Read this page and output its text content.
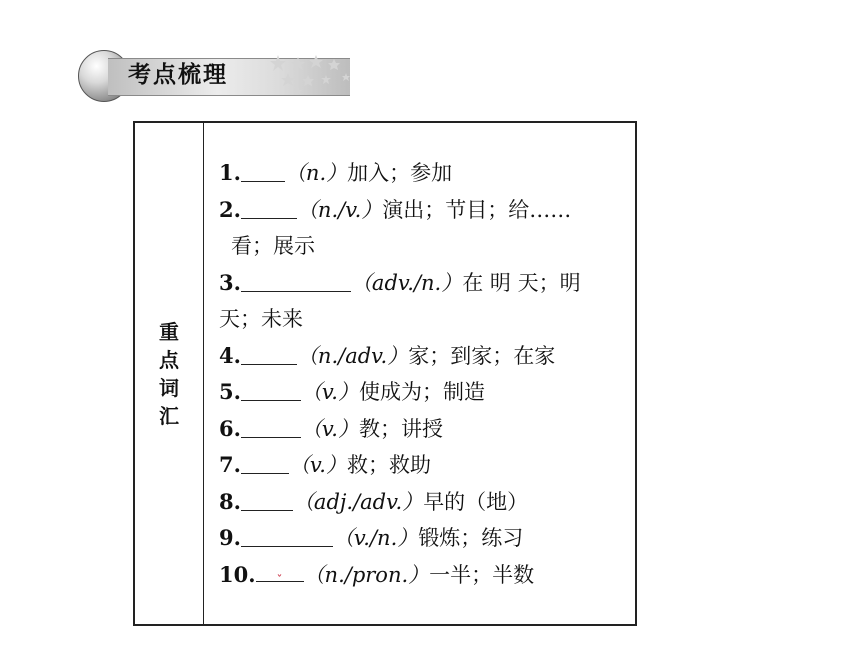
考点梳理
重
点
词
汇
1. （n.）加入；参加
2.	（n./v.）演出；节目；给……
看；展示
3.	（adv./n.）在 明 天；明
天；未来
4.	（n./adv.）家；到家；在家
5.	（v.）使成为；制造
6.	（v.）教；讲授
7. （v.）救；救助
8. （adj./adv.）早的（地）
9.	（v./n.）锻炼；练习
10. ˇ （n./pron.）一半；半数
